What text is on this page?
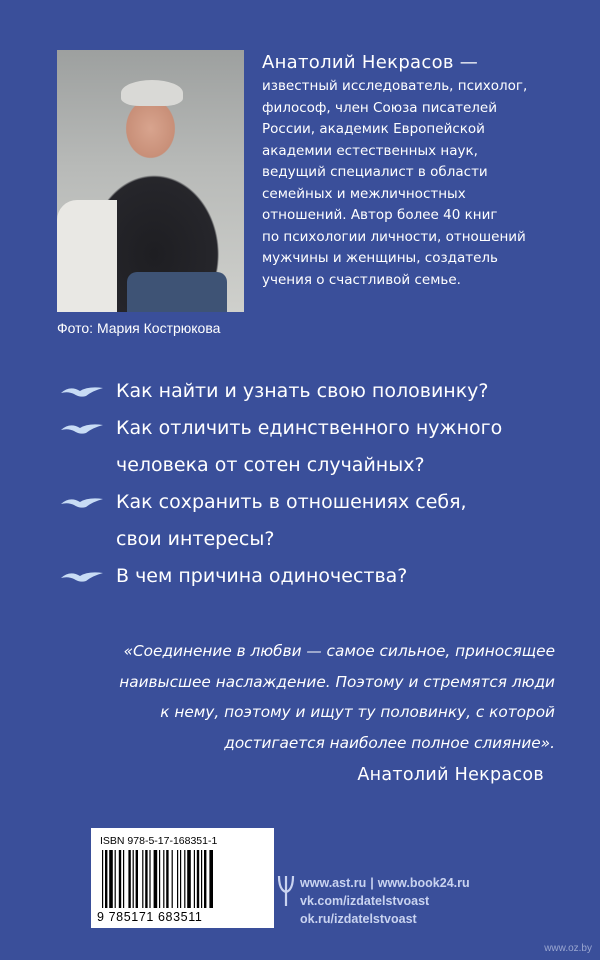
Фото: Мария Кострюкова
Анатолий Некрасов —
известный исследователь, психолог,
философ, член Союза писателей
России, академик Европейской
академии естественных наук,
ведущий специалист в области
семейных и межличностных
отношений. Автор более 40 книг
по психологии личности, отношений
мужчины и женщины, создатель
учения о счастливой семье.
Как найти и узнать свою половинку?
Как отличить единственного нужного
человека от сотен случайных?
Как сохранить в отношениях себя,
свои интересы?
В чем причина одиночества?
«Соединение в любви — самое сильное, приносящее
наивысшее наслаждение. Поэтому и стремятся люди
к нему, поэтому и ищут ту половинку, с которой
достигается наиболее полное слияние».
Анатолий Некрасов
ISBN 978-5-17-168351-1
9 785171 683511
www.ast.ru | www.book24.ru
vk.com/izdatelstvoast
ok.ru/izdatelstvoast
www.oz.by
